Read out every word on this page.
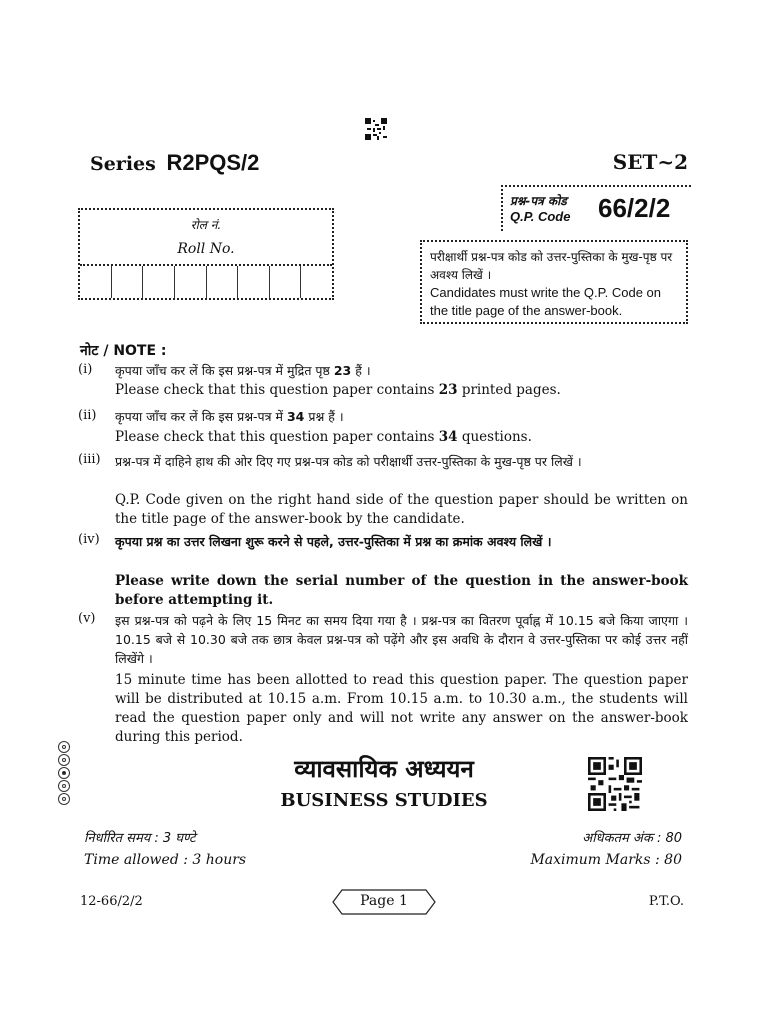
Series R2PQS/2	SET~2
प्रश्न-पत्र कोड
Q.P. Code 66/2/2
रोल नं.
Roll No.	परीक्षार्थी प्रश्न-पत्र कोड को उत्तर-पुस्तिका के मुख-पृष्ठ पर अवश्य लिखें ।

Candidates must write the Q.P. Code on the title page of the answer-book.

नोट / NOTE :
(i) कृपया जाँच कर लें कि इस प्रश्न-पत्र में मुद्रित पृष्ठ 23 हैं ।
Please check that this question paper contains 23 printed pages.
(ii) कृपया जाँच कर लें कि इस प्रश्न-पत्र में 34 प्रश्न हैं ।
Please check that this question paper contains 34 questions.
(iii) प्रश्न-पत्र में दाहिने हाथ की ओर दिए गए प्रश्न-पत्र कोड को परीक्षार्थी उत्तर-पुस्तिका के मुख-पृष्ठ पर लिखें ।
Q.P. Code given on the right hand side of the question paper should be written on the title page of the answer-book by the candidate.
(iv) कृपया प्रश्न का उत्तर लिखना शुरू करने से पहले, उत्तर-पुस्तिका में प्रश्न का क्रमांक अवश्य लिखें ।
Please write down the serial number of the question in the answer-book before attempting it.
(v) इस प्रश्न-पत्र को पढ़ने के लिए 15 मिनट का समय दिया गया है । प्रश्न-पत्र का वितरण पूर्वाह्न में 10.15 बजे किया जाएगा । 10.15 बजे से 10.30 बजे तक छात्र केवल प्रश्न-पत्र को पढ़ेंगे और इस अवधि के दौरान वे उत्तर-पुस्तिका पर कोई उत्तर नहीं लिखेंगे ।
15 minute time has been allotted to read this question paper. The question paper will be distributed at 10.15 a.m. From 10.15 a.m. to 10.30 a.m., the students will read the question paper only and will not write any answer on the answer-book during this period.
व्यावसायिक अध्ययन
BUSINESS STUDIES
निर्धारित समय : 3 घण्टे
Time allowed : 3 hours
अधिकतम अंक : 80
Maximum Marks : 80
12-66/2/2	Page 1	P.T.O.
